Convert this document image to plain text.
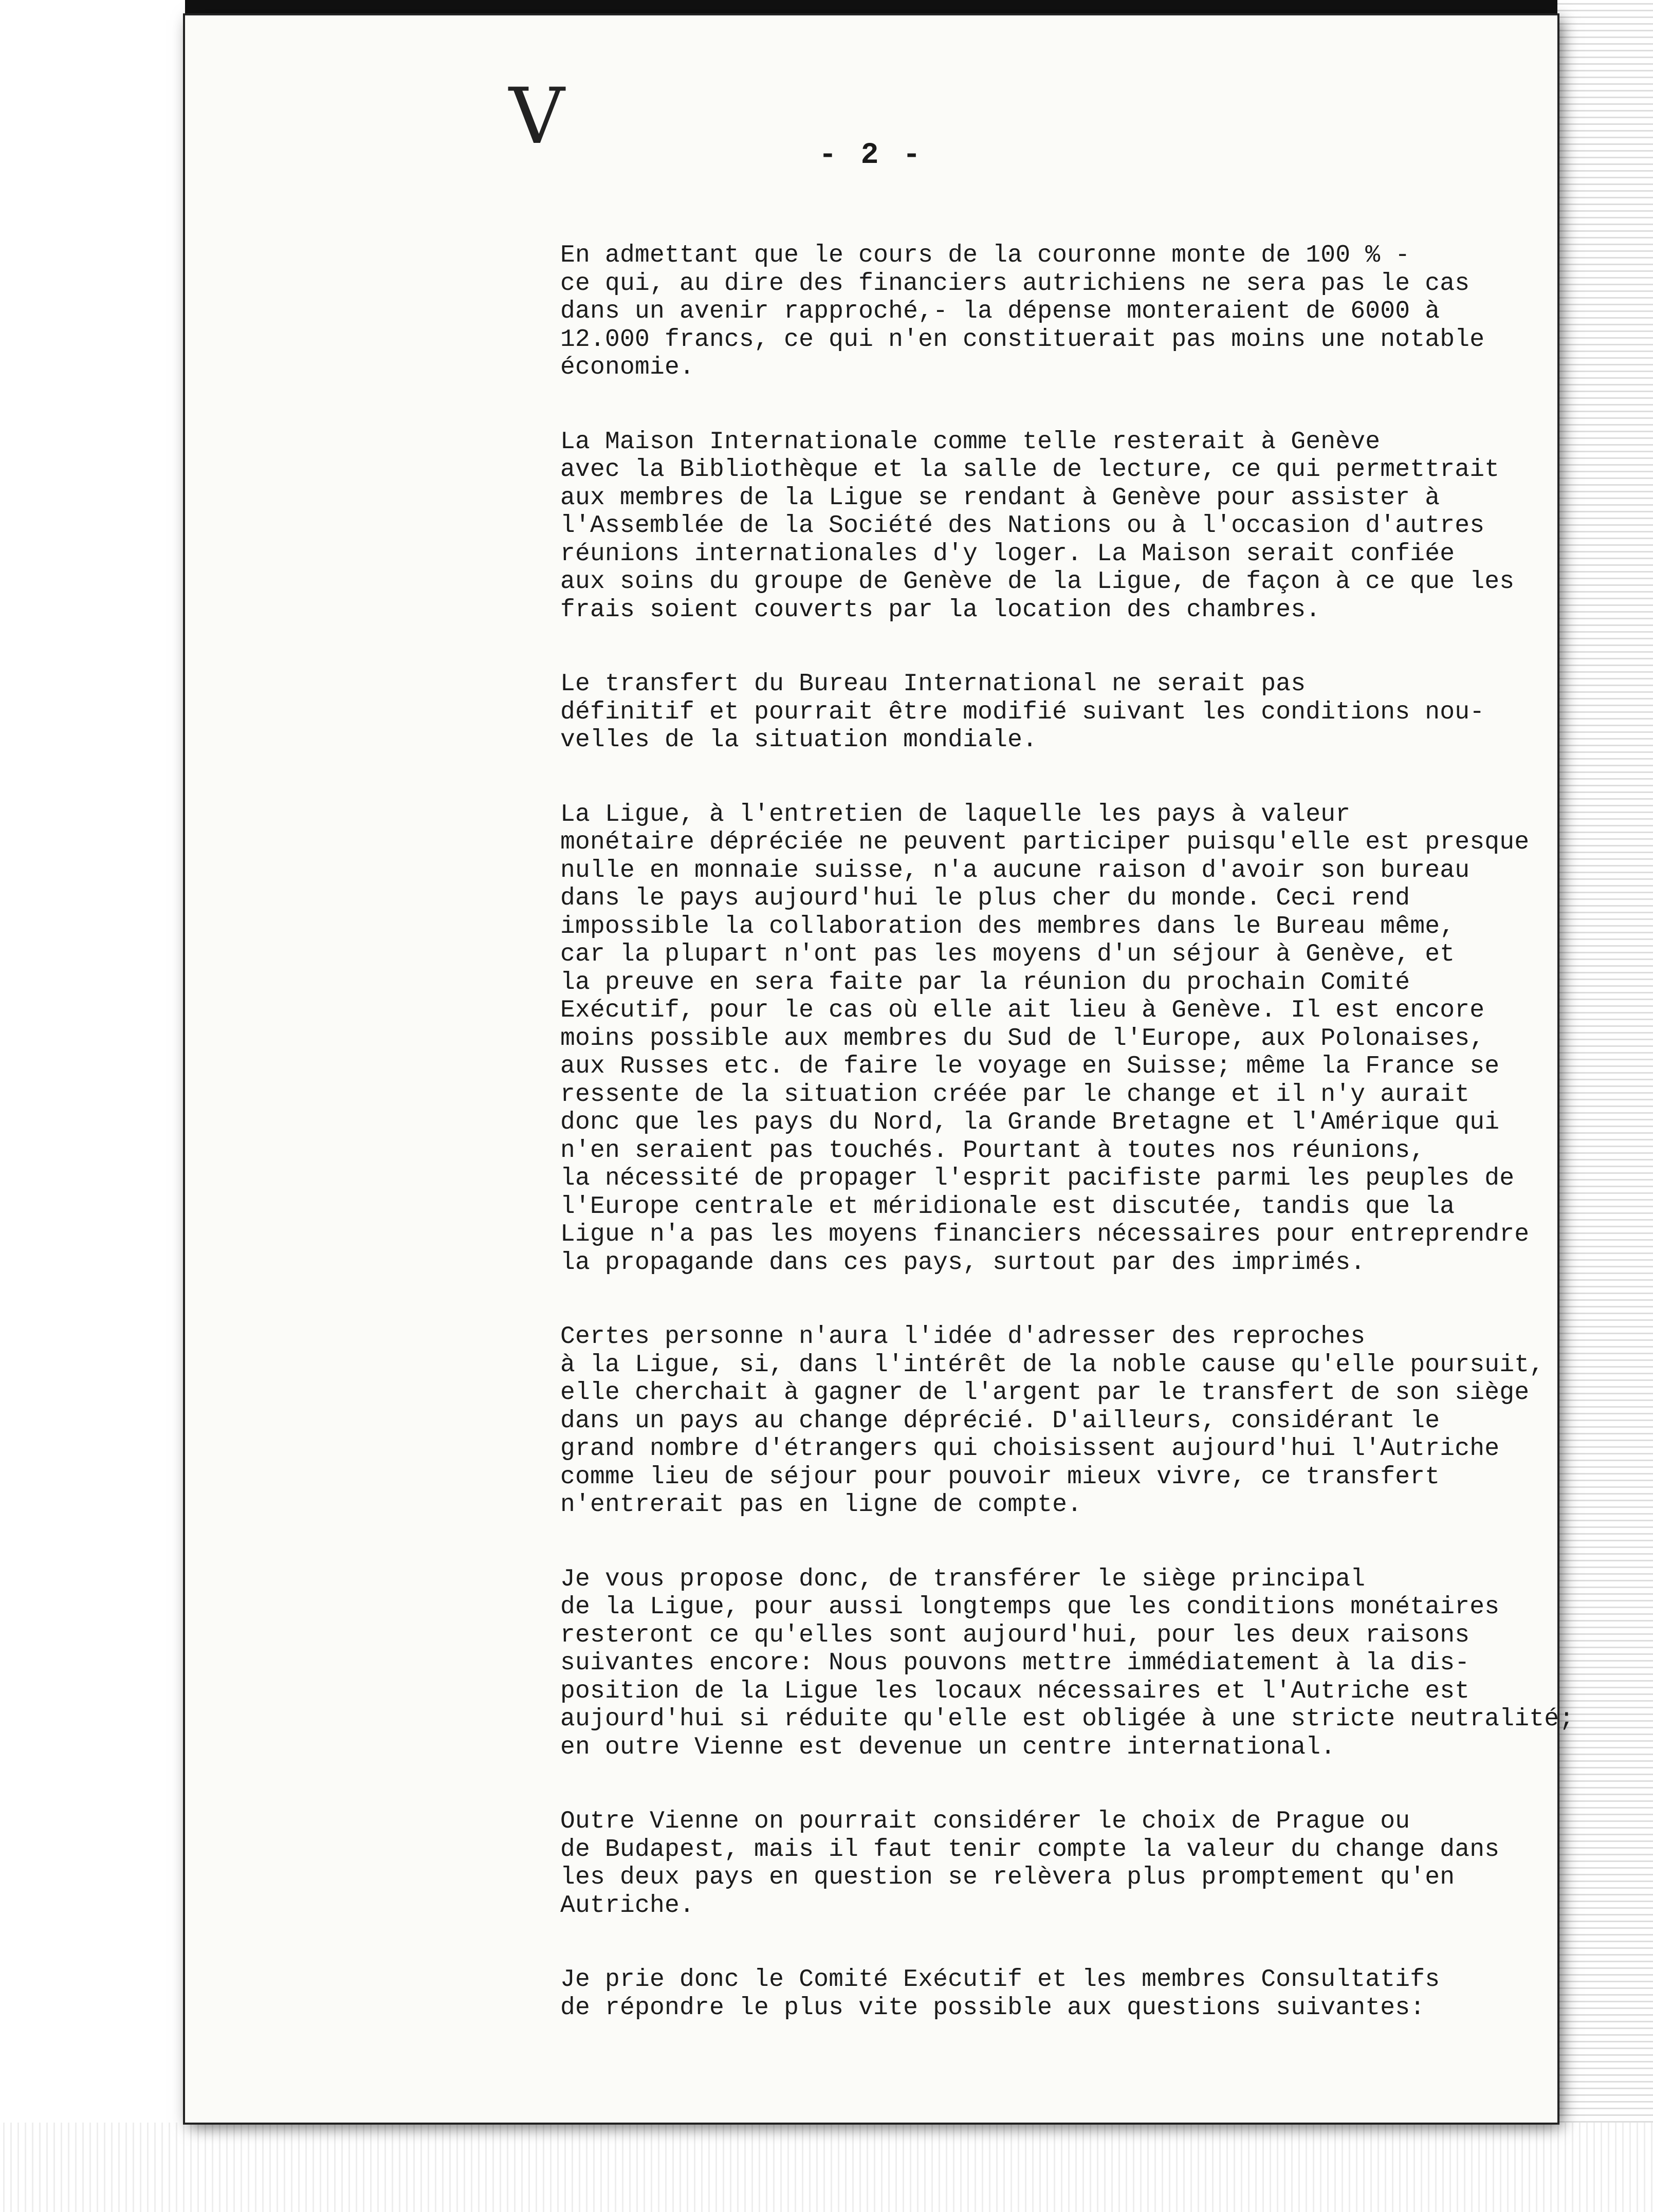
V	- 2 -
En admettant que le cours de la couronne monte de 100 % -
ce qui, au dire des financiers autrichiens ne sera pas le cas
dans un avenir rapproché,- la dépense monteraient de 6000 à
12.000 francs, ce qui n'en constituerait pas moins une notable
économie.
La Maison Internationale comme telle resterait à Genève
avec la Bibliothèque et la salle de lecture, ce qui permettrait
aux membres de la Ligue se rendant à Genève pour assister à
l'Assemblée de la Société des Nations ou à l'occasion d'autres
réunions internationales d'y loger. La Maison serait confiée
aux soins du groupe de Genève de la Ligue, de façon à ce que les
frais soient couverts par la location des chambres.
Le transfert du Bureau International ne serait pas
définitif et pourrait être modifié suivant les conditions nou-
velles de la situation mondiale.
La Ligue, à l'entretien de laquelle les pays à valeur
monétaire dépréciée ne peuvent participer puisqu'elle est presque
nulle en monnaie suisse, n'a aucune raison d'avoir son bureau
dans le pays aujourd'hui le plus cher du monde. Ceci rend
impossible la collaboration des membres dans le Bureau même,
car la plupart n'ont pas les moyens d'un séjour à Genève, et
la preuve en sera faite par la réunion du prochain Comité
Exécutif, pour le cas où elle ait lieu à Genève. Il est encore
moins possible aux membres du Sud de l'Europe, aux Polonaises,
aux Russes etc. de faire le voyage en Suisse; même la France se
ressente de la situation créée par le change et il n'y aurait
donc que les pays du Nord, la Grande Bretagne et l'Amérique qui
n'en seraient pas touchés. Pourtant à toutes nos réunions,
la nécessité de propager l'esprit pacifiste parmi les peuples de
l'Europe centrale et méridionale est discutée, tandis que la
Ligue n'a pas les moyens financiers nécessaires pour entreprendre
la propagande dans ces pays, surtout par des imprimés.
Certes personne n'aura l'idée d'adresser des reproches
à la Ligue, si, dans l'intérêt de la noble cause qu'elle poursuit,
elle cherchait à gagner de l'argent par le transfert de son siège
dans un pays au change déprécié. D'ailleurs, considérant le
grand nombre d'étrangers qui choisissent aujourd'hui l'Autriche
comme lieu de séjour pour pouvoir mieux vivre, ce transfert
n'entrerait pas en ligne de compte.
Je vous propose donc, de transférer le siège principal
de la Ligue, pour aussi longtemps que les conditions monétaires
resteront ce qu'elles sont aujourd'hui, pour les deux raisons
suivantes encore: Nous pouvons mettre immédiatement à la dis-
position de la Ligue les locaux nécessaires et l'Autriche est
aujourd'hui si réduite qu'elle est obligée à une stricte neutralité;
en outre Vienne est devenue un centre international.
Outre Vienne on pourrait considérer le choix de Prague ou
de Budapest, mais il faut tenir compte la valeur du change dans
les deux pays en question se relèvera plus promptement qu'en
Autriche.
Je prie donc le Comité Exécutif et les membres Consultatifs
de répondre le plus vite possible aux questions suivantes:
